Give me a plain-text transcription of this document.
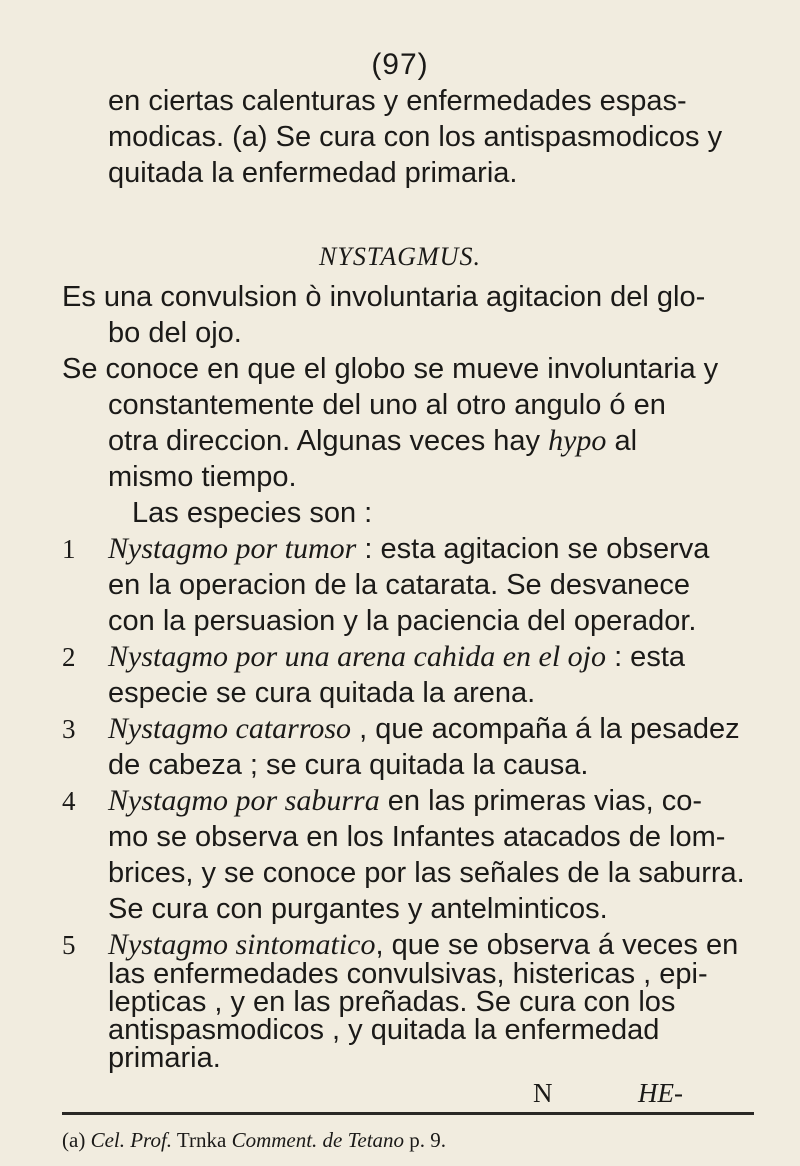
(97)
en ciertas calenturas y enfermedades espas-
modicas. (a) Se cura con los antispasmodicos y
quitada la enfermedad primaria.
NYSTAGMUS.
Es una convulsion ò involuntaria agitacion del glo-
bo del ojo.
Se conoce en que el globo se mueve involuntaria y
constantemente del uno al otro angulo ó en
otra direccion. Algunas veces hay hypo al
mismo tiempo.
Las especies son :
1 Nystagmo por tumor : esta agitacion se observa
en la operacion de la catarata. Se desvanece
con la persuasion y la paciencia del operador.
2 Nystagmo por una arena cahida en el ojo : esta
especie se cura quitada la arena.
3 Nystagmo catarroso , que acompaña á la pesadez
de cabeza ; se cura quitada la causa.
4 Nystagmo por saburra en las primeras vias, co-
mo se observa en los Infantes atacados de lom-
brices, y se conoce por las señales de la saburra.
Se cura con purgantes y antelminticos.
5 Nystagmo sintomatico, que se observa á veces en
las enfermedades convulsivas, histericas , epi-
lepticas , y en las preñadas. Se cura con los
N	HE-
(a) Cel. Prof. Trnka Comment. de Tetano p. 9.
antispasmodicos , y quitada la enfermedad
primaria.
